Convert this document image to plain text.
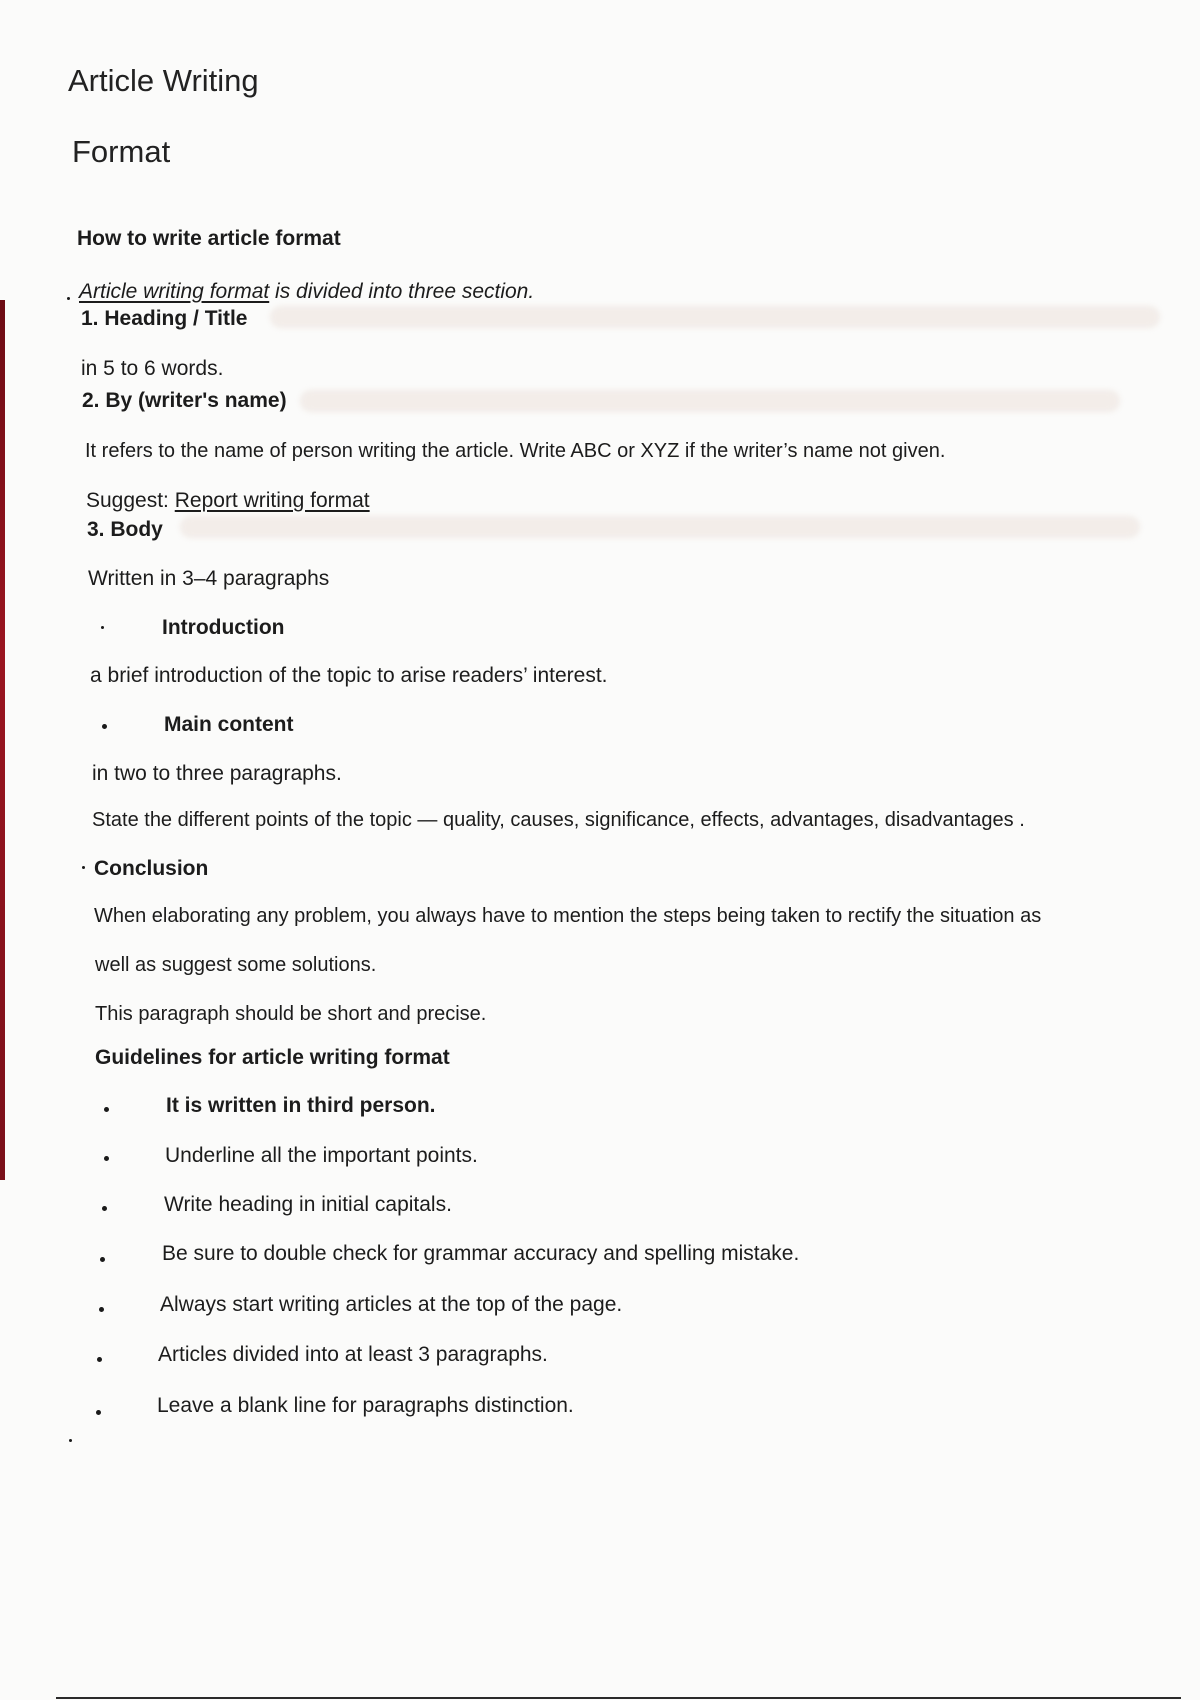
Article Writing
Format
How to write article format
Article writing format is divided into three section.
1. Heading / Title
in 5 to 6 words.
2. By (writer's name)
It refers to the name of person writing the article. Write ABC or XYZ if the writer’s name not given.
Suggest: Report writing format
3. Body
Written in 3–4 paragraphs
Introduction
a brief introduction of the topic to arise readers’ interest.
Main content
in two to three paragraphs.
State the different points of the topic — quality, causes, significance, effects, advantages, disadvantages .
Conclusion
When elaborating any problem, you always have to mention the steps being taken to rectify the situation as
well as suggest some solutions.
This paragraph should be short and precise.
Guidelines for article writing format
It is written in third person.
Underline all the important points.
Write heading in initial capitals.
Be sure to double check for grammar accuracy and spelling mistake.
Always start writing articles at the top of the page.
Articles divided into at least 3 paragraphs.
Leave a blank line for paragraphs distinction.
